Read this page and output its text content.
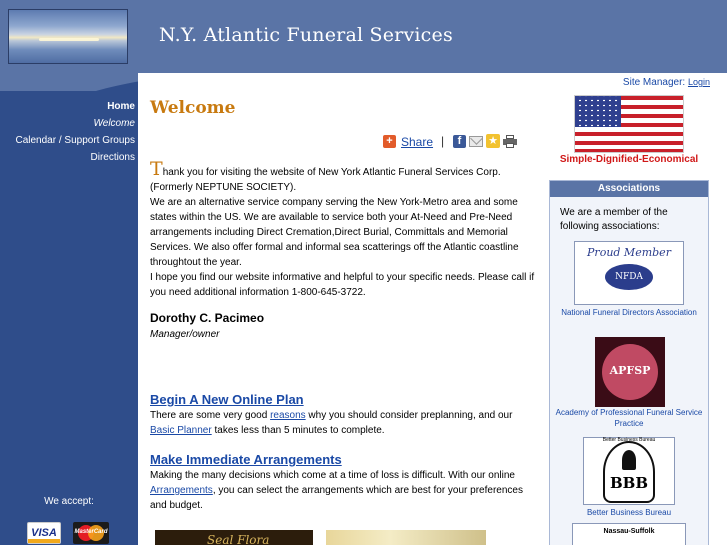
N.Y. Atlantic Funeral Services
Home
Welcome
Calendar / Support Groups
Directions

We accept:
VISA	MasterCard
Welcome
+ Share |	f	★
Thank you for visiting the website of New York Atlantic Funeral Services Corp.(Formerly NEPTUNE SOCIETY).
We are an alternative service company serving the New York-Metro area and some states within the US. We are available to service both your At-Need and Pre-Need arrangements including Direct Cremation,Direct Burial, Committals and Memorial Services. We also offer formal and informal sea scatterings off the Atlantic coastline throughtout the year.
I hope you find our website informative and helpful to your specific needs. Please call if you need additional information 1-800-645-3722.
Dorothy C. Pacimeo
Manager/owner
Begin A New Online Plan
There are some very good reasons why you should consider preplanning, and our Basic Planner takes less than 5 minutes to complete.
Make Immediate Arrangements
Making the many decisions which come at a time of loss is difficult. With our online Arrangements, you can select the arrangements which are best for your preferences and budget.
Seal Flora
Site Manager: Login
Simple-Dignified-Economical
Associations
We are a member of the following associations:
Proud Member
NFDA
National Funeral Directors Association
APFSP
Academy of Professional Funeral Service Practice
Better Business Bureau
BBB
Better Business Bureau
Nassau-Suffolk
